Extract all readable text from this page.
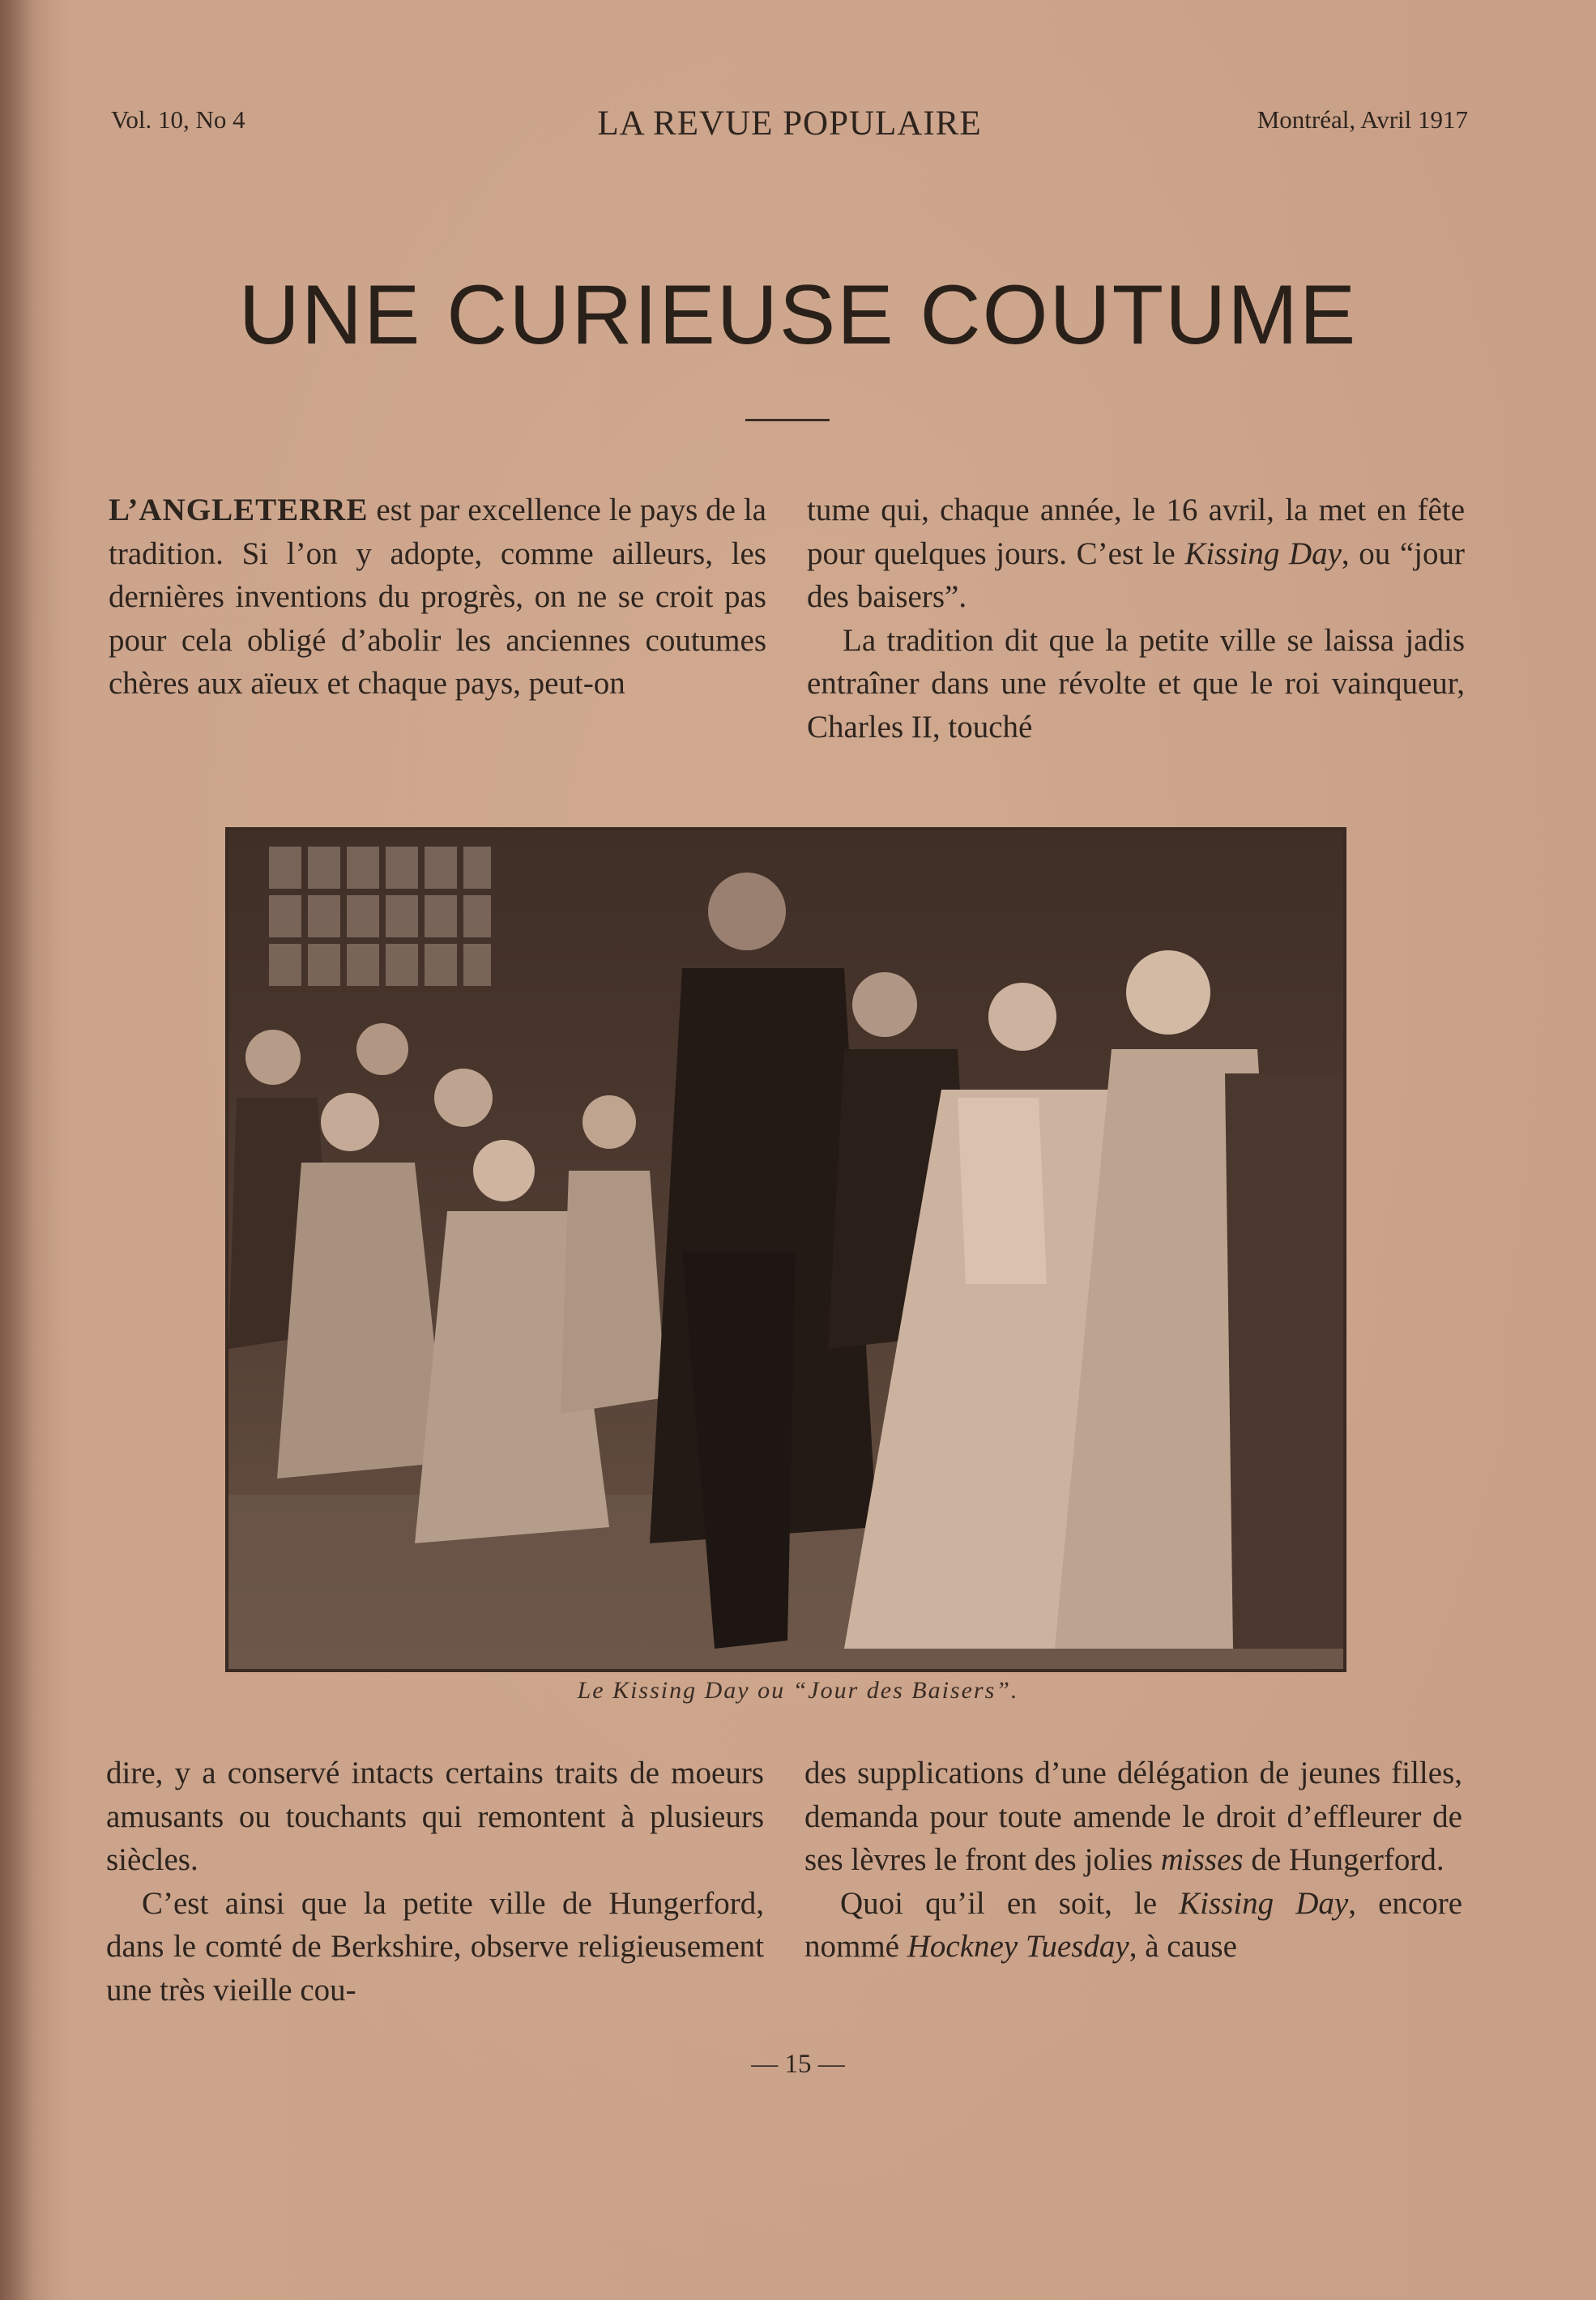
Vol. 10, No 4	LA REVUE POPULAIRE	Montréal, Avril 1917
UNE CURIEUSE COUTUME

L’ANGLETERRE est par excellence le pays de la tradition. Si l’on y adopte, comme ailleurs, les dernières inventions du progrès, on ne se croit pas pour cela obligé d’abolir les anciennes coutumes chères aux aïeux et chaque pays, peut-on

tume qui, chaque année, le 16 avril, la met en fête pour quelques jours. C’est le Kissing Day, ou “jour des baisers”.

La tradition dit que la petite ville se laissa jadis entraîner dans une révolte et que le roi vainqueur, Charles II, touché

Le Kissing Day ou “Jour des Baisers”.

dire, y a conservé intacts certains traits de moeurs amusants ou touchants qui remontent à plusieurs siècles.

C’est ainsi que la petite ville de Hungerford, dans le comté de Berkshire, observe religieusement une très vieille cou-

des supplications d’une délégation de jeunes filles, demanda pour toute amende le droit d’effleurer de ses lèvres le front des jolies misses de Hungerford.

Quoi qu’il en soit, le Kissing Day, encore nommé Hockney Tuesday, à cause

— 15 —
